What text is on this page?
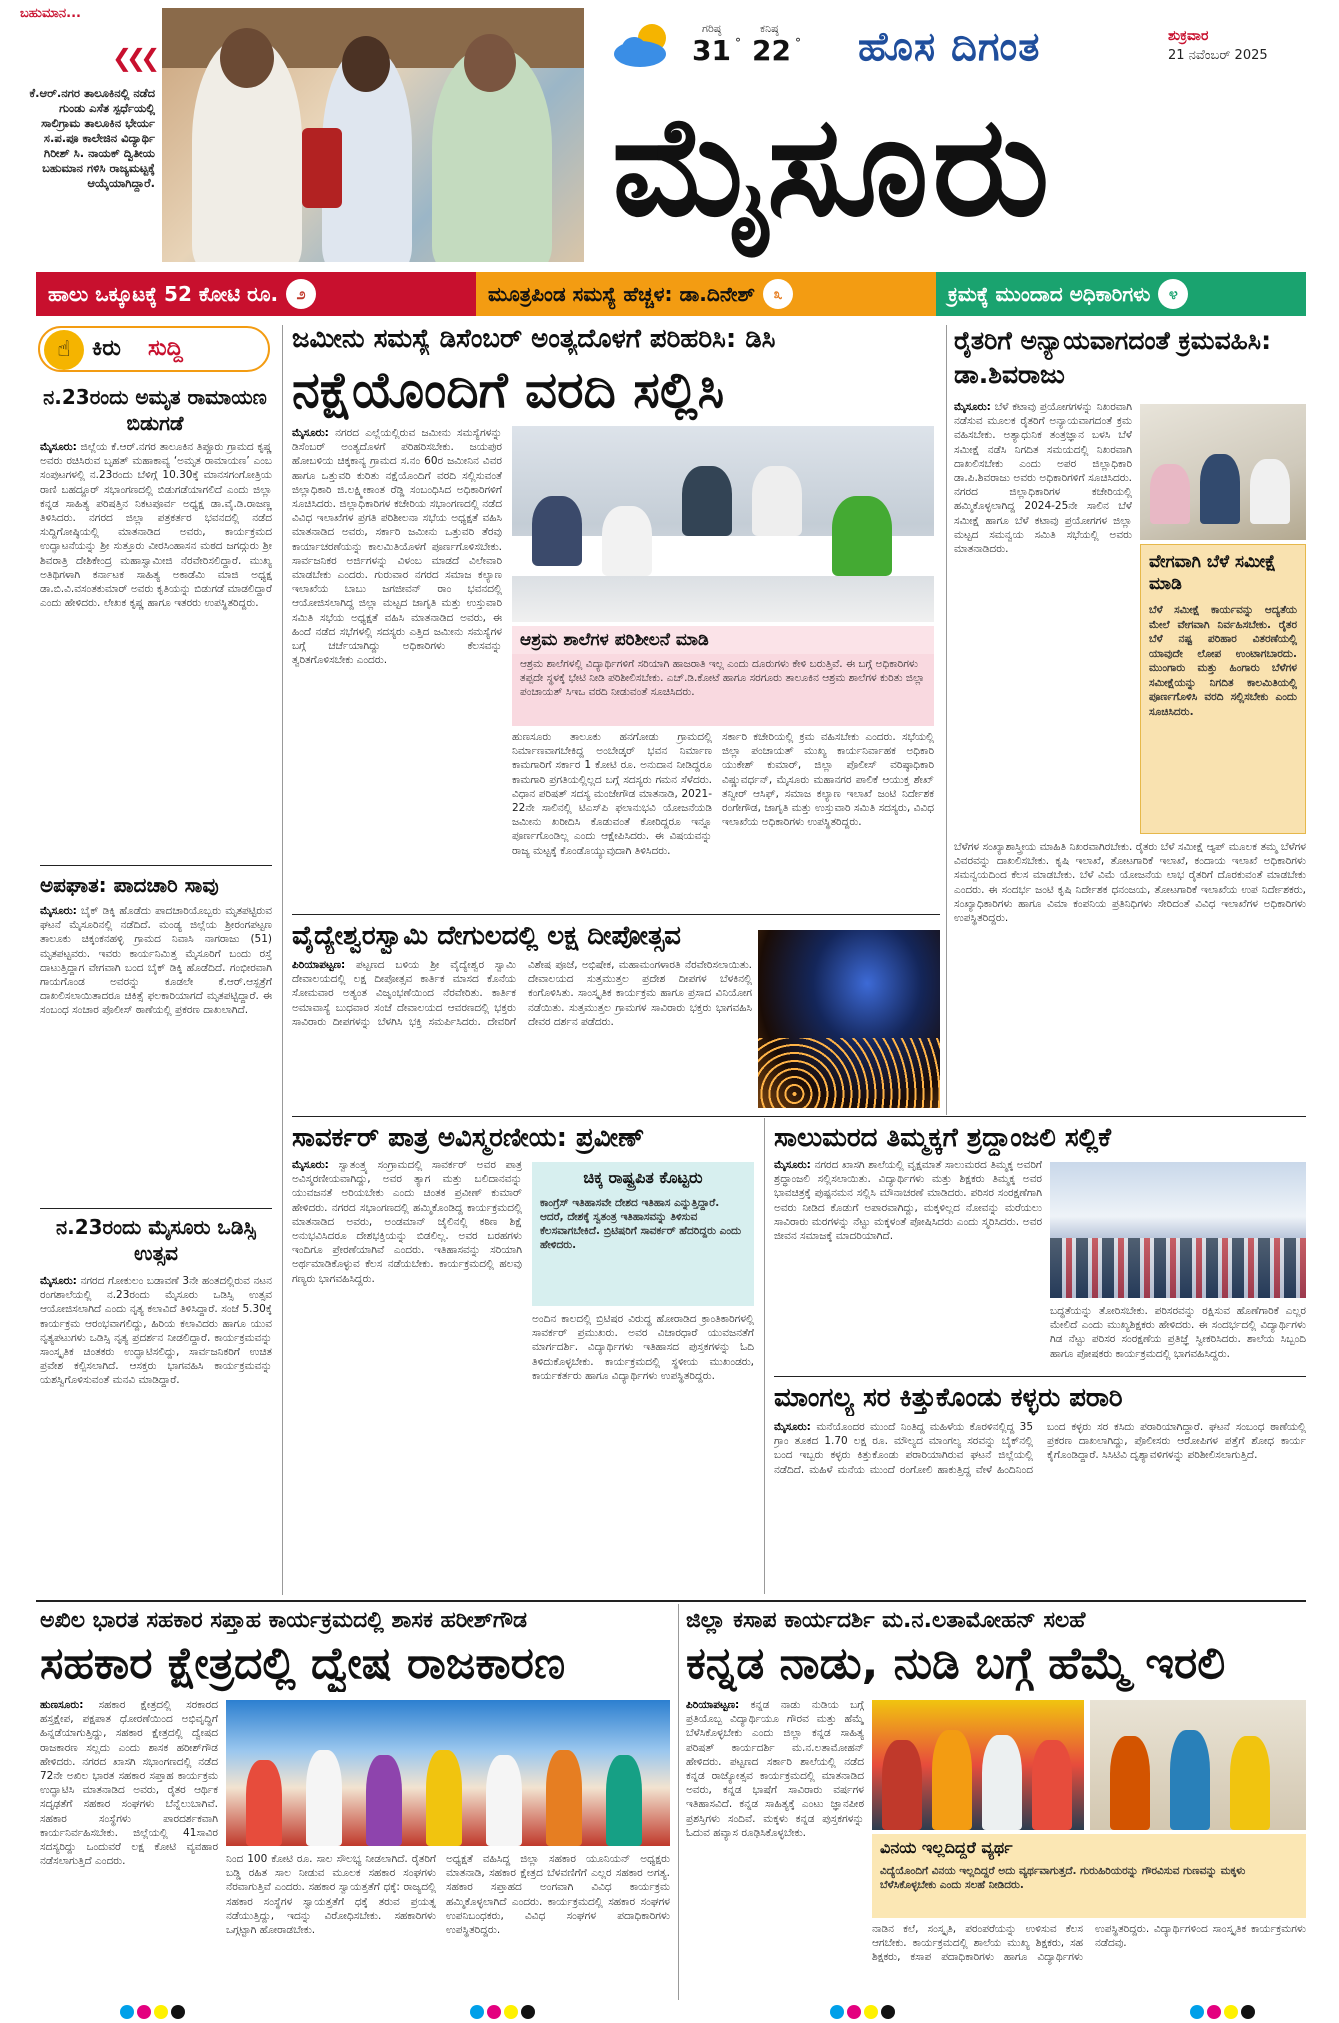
ಬಹುಮಾನ...
❮❮❮
ಕೆ.ಆರ್.ನಗರ ತಾಲೂಕಿನಲ್ಲಿ ನಡೆದ ಗುಂಡು ಎಸೆತ ಸ್ಪರ್ಧೆಯಲ್ಲಿ ಸಾಲಿಗ್ರಾಮ ತಾಲೂಕಿನ ಭೇರ್ಯ ಸ.ಪ.ಪೂ ಕಾಲೇಜಿನ ವಿದ್ಯಾರ್ಥಿ ಗಿರೀಶ್ ಸಿ. ನಾಯಕ್ ದ್ವಿತೀಯ ಬಹುಮಾನ ಗಳಿಸಿ ರಾಜ್ಯಮಟ್ಟಕ್ಕೆ ಆಯ್ಕೆಯಾಗಿದ್ದಾರೆ.
ಗರಿಷ್ಠ
31 °
ಕನಿಷ್ಠ
22 ° ಹೊಸ ದಿಗಂತ	ಶುಕ್ರವಾರ
21 ನವೆಂಬರ್ 2025
ಮೈಸೂರು
ಹಾಲು ಒಕ್ಕೂಟಕ್ಕೆ 52 ಕೋಟಿ ರೂ.	೨	ಮೂತ್ರಪಿಂಡ ಸಮಸ್ಯೆ ಹೆಚ್ಚಳ: ಡಾ.ದಿನೇಶ್	೩	ಕ್ರಮಕ್ಕೆ ಮುಂದಾದ ಅಧಿಕಾರಿಗಳು	೪
☝ ಕಿರು ಸುದ್ದಿ
ನ.23ರಂದು ಅಮೃತ ರಾಮಾಯಣ ಬಿಡುಗಡೆ
ಮೈಸೂರು: ಜಿಲ್ಲೆಯ ಕೆ.ಆರ್.ನಗರ ತಾಲೂಕಿನ ತಿಪ್ಪೂರು ಗ್ರಾಮದ ಕೃಷ್ಣ ಅವರು ರಚಿಸಿರುವ ಬೃಹತ್ ಮಹಾಕಾವ್ಯ ‘ಅಮೃತ ರಾಮಾಯಣ’ ಎಂಬ ಸಂಪುಟಗಳಲ್ಲಿ ನ.23ರಂದು ಬೆಳಿಗ್ಗೆ 10.30ಕ್ಕೆ ಮಾನಸಗಂಗೋತ್ರಿಯ ರಾಣಿ ಬಹದ್ದೂರ್ ಸಭಾಂಗಣದಲ್ಲಿ ಬಿಡುಗಡೆಯಾಗಲಿದೆ ಎಂದು ಜಿಲ್ಲಾ ಕನ್ನಡ ಸಾಹಿತ್ಯ ಪರಿಷತ್ತಿನ ನಿಕಟಪೂರ್ವ ಅಧ್ಯಕ್ಷ ಡಾ.ವೈ.ಡಿ.ರಾಜಣ್ಣ ತಿಳಿಸಿದರು. ನಗರದ ಜಿಲ್ಲಾ ಪತ್ರಕರ್ತರ ಭವನದಲ್ಲಿ ನಡೆದ ಸುದ್ದಿಗೋಷ್ಠಿಯಲ್ಲಿ ಮಾತನಾಡಿದ ಅವರು, ಕಾರ್ಯಕ್ರಮದ ಉದ್ಘಾಟನೆಯನ್ನು ಶ್ರೀ ಸುತ್ತೂರು ವೀರಸಿಂಹಾಸನ ಮಠದ ಜಗದ್ಗುರು ಶ್ರೀ ಶಿವರಾತ್ರಿ ದೇಶಿಕೇಂದ್ರ ಮಹಾಸ್ವಾಮೀಜಿ ನೆರವೇರಿಸಲಿದ್ದಾರೆ. ಮುಖ್ಯ ಅತಿಥಿಗಳಾಗಿ ಕರ್ನಾಟಕ ಸಾಹಿತ್ಯ ಅಕಾಡೆಮಿ ಮಾಜಿ ಅಧ್ಯಕ್ಷ ಡಾ.ಬಿ.ವಿ.ವಸಂತಕುಮಾರ್ ಅವರು ಕೃತಿಯನ್ನು ಬಿಡುಗಡೆ ಮಾಡಲಿದ್ದಾರೆ ಎಂದು ಹೇಳಿದರು. ಲೇಖಕ ಕೃಷ್ಣ ಹಾಗೂ ಇತರರು ಉಪಸ್ಥಿತರಿದ್ದರು.
ಅಪಘಾತ: ಪಾದಚಾರಿ ಸಾವು
ಮೈಸೂರು: ಬೈಕ್ ಡಿಕ್ಕಿ ಹೊಡೆದು ಪಾದಚಾರಿಯೊಬ್ಬರು ಮೃತಪಟ್ಟಿರುವ ಘಟನೆ ಮೈಸೂರಿನಲ್ಲಿ ನಡೆದಿದೆ. ಮಂಡ್ಯ ಜಿಲ್ಲೆಯ ಶ್ರೀರಂಗಪಟ್ಟಣ ತಾಲೂಕು ಚಿಕ್ಕಂಕನಹಳ್ಳಿ ಗ್ರಾಮದ ನಿವಾಸಿ ನಾಗರಾಜು (51) ಮೃತಪಟ್ಟವರು. ಇವರು ಕಾರ್ಯನಿಮಿತ್ತ ಮೈಸೂರಿಗೆ ಬಂದು ರಸ್ತೆ ದಾಟುತ್ತಿದ್ದಾಗ ವೇಗವಾಗಿ ಬಂದ ಬೈಕ್ ಡಿಕ್ಕಿ ಹೊಡೆದಿದೆ. ಗಂಭೀರವಾಗಿ ಗಾಯಗೊಂಡ ಅವರನ್ನು ಕೂಡಲೇ ಕೆ.ಆರ್.ಆಸ್ಪತ್ರೆಗೆ ದಾಖಲಿಸಲಾಯಿತಾದರೂ ಚಿಕಿತ್ಸೆ ಫಲಕಾರಿಯಾಗದೆ ಮೃತಪಟ್ಟಿದ್ದಾರೆ. ಈ ಸಂಬಂಧ ಸಂಚಾರ ಪೊಲೀಸ್ ಠಾಣೆಯಲ್ಲಿ ಪ್ರಕರಣ ದಾಖಲಾಗಿದೆ.
ನ.23ರಂದು ಮೈಸೂರು ಒಡಿಸ್ಸಿ ಉತ್ಸವ
ಮೈಸೂರು: ನಗರದ ಗೋಕುಲಂ ಬಡಾವಣೆ 3ನೇ ಹಂತದಲ್ಲಿರುವ ನಟನ ರಂಗಶಾಲೆಯಲ್ಲಿ ನ.23ರಂದು ಮೈಸೂರು ಒಡಿಸ್ಸಿ ಉತ್ಸವ ಆಯೋಜಿಸಲಾಗಿದೆ ಎಂದು ನೃತ್ಯ ಕಲಾವಿದೆ ತಿಳಿಸಿದ್ದಾರೆ. ಸಂಜೆ 5.30ಕ್ಕೆ ಕಾರ್ಯಕ್ರಮ ಆರಂಭವಾಗಲಿದ್ದು, ಹಿರಿಯ ಕಲಾವಿದರು ಹಾಗೂ ಯುವ ನೃತ್ಯಪಟುಗಳು ಒಡಿಸ್ಸಿ ನೃತ್ಯ ಪ್ರದರ್ಶನ ನೀಡಲಿದ್ದಾರೆ. ಕಾರ್ಯಕ್ರಮವನ್ನು ಸಾಂಸ್ಕೃತಿಕ ಚಿಂತಕರು ಉದ್ಘಾಟಿಸಲಿದ್ದು, ಸಾರ್ವಜನಿಕರಿಗೆ ಉಚಿತ ಪ್ರವೇಶ ಕಲ್ಪಿಸಲಾಗಿದೆ. ಆಸಕ್ತರು ಭಾಗವಹಿಸಿ ಕಾರ್ಯಕ್ರಮವನ್ನು ಯಶಸ್ವಿಗೊಳಿಸುವಂತೆ ಮನವಿ ಮಾಡಿದ್ದಾರೆ.
ಜಮೀನು ಸಮಸ್ಯೆ ಡಿಸೆಂಬರ್ ಅಂತ್ಯದೊಳಗೆ ಪರಿಹರಿಸಿ: ಡಿಸಿ
ನಕ್ಷೆಯೊಂದಿಗೆ ವರದಿ ಸಲ್ಲಿಸಿ
ಮೈಸೂರು: ನಗರದ ಎಲ್ಲೆಯಲ್ಲಿರುವ ಜಮೀನು ಸಮಸ್ಯೆಗಳನ್ನು ಡಿಸೆಂಬರ್ ಅಂತ್ಯದೊಳಗೆ ಪರಿಹರಿಸಬೇಕು. ಜಯಪುರ ಹೋಬಳಿಯ ಚಿಕ್ಕಕಾನ್ಯ ಗ್ರಾಮದ ಸ.ನಂ 60ರ ಜಮೀನಿನ ವಿವರ ಹಾಗೂ ಒತ್ತುವರಿ ಕುರಿತು ನಕ್ಷೆಯೊಂದಿಗೆ ವರದಿ ಸಲ್ಲಿಸುವಂತೆ ಜಿಲ್ಲಾಧಿಕಾರಿ ಜಿ.ಲಕ್ಷ್ಮೀಕಾಂತ ರೆಡ್ಡಿ ಸಂಬಂಧಿಸಿದ ಅಧಿಕಾರಿಗಳಿಗೆ ಸೂಚಿಸಿದರು. ಜಿಲ್ಲಾಧಿಕಾರಿಗಳ ಕಚೇರಿಯ ಸಭಾಂಗಣದಲ್ಲಿ ನಡೆದ ವಿವಿಧ ಇಲಾಖೆಗಳ ಪ್ರಗತಿ ಪರಿಶೀಲನಾ ಸಭೆಯ ಅಧ್ಯಕ್ಷತೆ ವಹಿಸಿ ಮಾತನಾಡಿದ ಅವರು, ಸರ್ಕಾರಿ ಜಮೀನು ಒತ್ತುವರಿ ತೆರವು ಕಾರ್ಯಾಚರಣೆಯನ್ನು ಕಾಲಮಿತಿಯೊಳಗೆ ಪೂರ್ಣಗೊಳಿಸಬೇಕು. ಸಾರ್ವಜನಿಕರ ಅರ್ಜಿಗಳನ್ನು ವಿಳಂಬ ಮಾಡದೆ ವಿಲೇವಾರಿ ಮಾಡಬೇಕು ಎಂದರು. ಗುರುವಾರ ನಗರದ ಸಮಾಜ ಕಲ್ಯಾಣ ಇಲಾಖೆಯ ಬಾಬು ಜಗಜೀವನ್ ರಾಂ ಭವನದಲ್ಲಿ ಆಯೋಜಿಸಲಾಗಿದ್ದ ಜಿಲ್ಲಾ ಮಟ್ಟದ ಜಾಗೃತಿ ಮತ್ತು ಉಸ್ತುವಾರಿ ಸಮಿತಿ ಸಭೆಯ ಅಧ್ಯಕ್ಷತೆ ವಹಿಸಿ ಮಾತನಾಡಿದ ಅವರು, ಈ ಹಿಂದೆ ನಡೆದ ಸಭೆಗಳಲ್ಲಿ ಸದಸ್ಯರು ಎತ್ತಿದ ಜಮೀನು ಸಮಸ್ಯೆಗಳ ಬಗ್ಗೆ ಚರ್ಚೆಯಾಗಿದ್ದು ಅಧಿಕಾರಿಗಳು ಕೆಲಸವನ್ನು ತ್ವರಿತಗೊಳಿಸಬೇಕು ಎಂದರು.
ಆಶ್ರಮ ಶಾಲೆಗಳ ಪರಿಶೀಲನೆ ಮಾಡಿ
ಆಶ್ರಮ ಶಾಲೆಗಳಲ್ಲಿ ವಿದ್ಯಾರ್ಥಿಗಳಿಗೆ ಸರಿಯಾಗಿ ಹಾಜರಾತಿ ಇಲ್ಲ ಎಂದು ದೂರುಗಳು ಕೇಳಿ ಬರುತ್ತಿವೆ. ಈ ಬಗ್ಗೆ ಅಧಿಕಾರಿಗಳು ತಪ್ಪದೇ ಸ್ಥಳಕ್ಕೆ ಭೇಟಿ ನೀಡಿ ಪರಿಶೀಲಿಸಬೇಕು. ಎಚ್.ಡಿ.ಕೋಟೆ ಹಾಗೂ ಸರಗೂರು ತಾಲೂಕಿನ ಆಶ್ರಮ ಶಾಲೆಗಳ ಕುರಿತು ಜಿಲ್ಲಾ ಪಂಚಾಯತ್ ಸಿಇಒ ವರದಿ ನೀಡುವಂತೆ ಸೂಚಿಸಿದರು.
ಹುಣಸೂರು ತಾಲೂಕು ಹನಗೋಡು ಗ್ರಾಮದಲ್ಲಿ ನಿರ್ಮಾಣವಾಗಬೇಕಿದ್ದ ಅಂಬೇಡ್ಕರ್ ಭವನ ನಿರ್ಮಾಣ ಕಾಮಗಾರಿಗೆ ಸರ್ಕಾರ 1 ಕೋಟಿ ರೂ. ಅನುದಾನ ನೀಡಿದ್ದರೂ ಕಾಮಗಾರಿ ಪ್ರಗತಿಯಲ್ಲಿಲ್ಲದ ಬಗ್ಗೆ ಸದಸ್ಯರು ಗಮನ ಸೆಳೆದರು. ವಿಧಾನ ಪರಿಷತ್ ಸದಸ್ಯ ಮಂಜೇಗೌಡ ಮಾತನಾಡಿ, 2021-22ನೇ ಸಾಲಿನಲ್ಲಿ ಟಿಎಸ್‌ಪಿ ಫಲಾನುಭವಿ ಯೋಜನೆಯಡಿ ಜಮೀನು ಖರೀದಿಸಿ ಕೊಡುವಂತೆ ಕೋರಿದ್ದರೂ ಇನ್ನೂ ಪೂರ್ಣಗೊಂಡಿಲ್ಲ ಎಂದು ಆಕ್ಷೇಪಿಸಿದರು. ಈ ವಿಷಯವನ್ನು ರಾಜ್ಯ ಮಟ್ಟಕ್ಕೆ ಕೊಂಡೊಯ್ಯುವುದಾಗಿ ತಿಳಿಸಿದರು.
ಸರ್ಕಾರಿ ಕಚೇರಿಯಲ್ಲಿ ಕ್ರಮ ವಹಿಸಬೇಕು ಎಂದರು. ಸಭೆಯಲ್ಲಿ ಜಿಲ್ಲಾ ಪಂಚಾಯತ್ ಮುಖ್ಯ ಕಾರ್ಯನಿರ್ವಾಹಕ ಅಧಿಕಾರಿ ಯುಕೇಶ್ ಕುಮಾರ್, ಜಿಲ್ಲಾ ಪೊಲೀಸ್ ವರಿಷ್ಠಾಧಿಕಾರಿ ವಿಷ್ಣುವರ್ಧನ್, ಮೈಸೂರು ಮಹಾನಗರ ಪಾಲಿಕೆ ಆಯುಕ್ತ ಶೇಖ್ ತನ್ವೀರ್ ಆಸಿಫ್, ಸಮಾಜ ಕಲ್ಯಾಣ ಇಲಾಖೆ ಜಂಟಿ ನಿರ್ದೇಶಕ ರಂಗೇಗೌಡ, ಜಾಗೃತಿ ಮತ್ತು ಉಸ್ತುವಾರಿ ಸಮಿತಿ ಸದಸ್ಯರು, ವಿವಿಧ ಇಲಾಖೆಯ ಅಧಿಕಾರಿಗಳು ಉಪಸ್ಥಿತರಿದ್ದರು.
ರೈತರಿಗೆ ಅನ್ಯಾಯವಾಗದಂತೆ ಕ್ರಮವಹಿಸಿ: ಡಾ.ಶಿವರಾಜು
ಮೈಸೂರು: ಬೆಳೆ ಕಟಾವು ಪ್ರಯೋಗಗಳನ್ನು ನಿಖರವಾಗಿ ನಡೆಸುವ ಮೂಲಕ ರೈತರಿಗೆ ಅನ್ಯಾಯವಾಗದಂತೆ ಕ್ರಮ ವಹಿಸಬೇಕು. ಅತ್ಯಾಧುನಿಕ ತಂತ್ರಜ್ಞಾನ ಬಳಸಿ ಬೆಳೆ ಸಮೀಕ್ಷೆ ನಡೆಸಿ ನಿಗದಿತ ಸಮಯದಲ್ಲಿ ನಿಖರವಾಗಿ ದಾಖಲಿಸಬೇಕು ಎಂದು ಅಪರ ಜಿಲ್ಲಾಧಿಕಾರಿ ಡಾ.ಪಿ.ಶಿವರಾಜು ಅವರು ಅಧಿಕಾರಿಗಳಿಗೆ ಸೂಚಿಸಿದರು. ನಗರದ ಜಿಲ್ಲಾಧಿಕಾರಿಗಳ ಕಚೇರಿಯಲ್ಲಿ ಹಮ್ಮಿಕೊಳ್ಳಲಾಗಿದ್ದ 2024-25ನೇ ಸಾಲಿನ ಬೆಳೆ ಸಮೀಕ್ಷೆ ಹಾಗೂ ಬೆಳೆ ಕಟಾವು ಪ್ರಯೋಗಗಳ ಜಿಲ್ಲಾ ಮಟ್ಟದ ಸಮನ್ವಯ ಸಮಿತಿ ಸಭೆಯಲ್ಲಿ ಅವರು ಮಾತನಾಡಿದರು.
ವೇಗವಾಗಿ ಬೆಳೆ ಸಮೀಕ್ಷೆ ಮಾಡಿ
ಬೆಳೆ ಸಮೀಕ್ಷೆ ಕಾರ್ಯವನ್ನು ಆದ್ಯತೆಯ ಮೇಲೆ ವೇಗವಾಗಿ ನಿರ್ವಹಿಸಬೇಕು. ರೈತರ ಬೆಳೆ ನಷ್ಟ ಪರಿಹಾರ ವಿತರಣೆಯಲ್ಲಿ ಯಾವುದೇ ಲೋಪ ಉಂಟಾಗಬಾರದು. ಮುಂಗಾರು ಮತ್ತು ಹಿಂಗಾರು ಬೆಳೆಗಳ ಸಮೀಕ್ಷೆಯನ್ನು ನಿಗದಿತ ಕಾಲಮಿತಿಯಲ್ಲಿ ಪೂರ್ಣಗೊಳಿಸಿ ವರದಿ ಸಲ್ಲಿಸಬೇಕು ಎಂದು ಸೂಚಿಸಿದರು.
ಬೆಳೆಗಳ ಸಂಖ್ಯಾಶಾಸ್ತ್ರೀಯ ಮಾಹಿತಿ ನಿಖರವಾಗಿರಬೇಕು. ರೈತರು ಬೆಳೆ ಸಮೀಕ್ಷೆ ಆ್ಯಪ್ ಮೂಲಕ ತಮ್ಮ ಬೆಳೆಗಳ ವಿವರವನ್ನು ದಾಖಲಿಸಬೇಕು. ಕೃಷಿ ಇಲಾಖೆ, ತೋಟಗಾರಿಕೆ ಇಲಾಖೆ, ಕಂದಾಯ ಇಲಾಖೆ ಅಧಿಕಾರಿಗಳು ಸಮನ್ವಯದಿಂದ ಕೆಲಸ ಮಾಡಬೇಕು. ಬೆಳೆ ವಿಮೆ ಯೋಜನೆಯ ಲಾಭ ರೈತರಿಗೆ ದೊರಕುವಂತೆ ಮಾಡಬೇಕು ಎಂದರು. ಈ ಸಂದರ್ಭ ಜಂಟಿ ಕೃಷಿ ನಿರ್ದೇಶಕ ಧನಂಜಯ, ತೋಟಗಾರಿಕೆ ಇಲಾಖೆಯ ಉಪ ನಿರ್ದೇಶಕರು, ಸಂಖ್ಯಾಧಿಕಾರಿಗಳು ಹಾಗೂ ವಿಮಾ ಕಂಪನಿಯ ಪ್ರತಿನಿಧಿಗಳು ಸೇರಿದಂತೆ ವಿವಿಧ ಇಲಾಖೆಗಳ ಅಧಿಕಾರಿಗಳು ಉಪಸ್ಥಿತರಿದ್ದರು.
ವೈದ್ಯೇಶ್ವರಸ್ವಾಮಿ ದೇಗುಲದಲ್ಲಿ ಲಕ್ಷ ದೀಪೋತ್ಸವ
ಪಿರಿಯಾಪಟ್ಟಣ: ಪಟ್ಟಣದ ಬಳಿಯ ಶ್ರೀ ವೈದ್ಯೇಶ್ವರ ಸ್ವಾಮಿ ದೇವಾಲಯದಲ್ಲಿ ಲಕ್ಷ ದೀಪೋತ್ಸವ ಕಾರ್ತಿಕ ಮಾಸದ ಕೊನೆಯ ಸೋಮವಾರ ಅತ್ಯಂತ ವಿಜೃಂಭಣೆಯಿಂದ ನೆರವೇರಿತು. ಕಾರ್ತಿಕ ಅಮಾವಾಸ್ಯೆ ಬುಧವಾರ ಸಂಜೆ ದೇವಾಲಯದ ಆವರಣದಲ್ಲಿ ಭಕ್ತರು ಸಾವಿರಾರು ದೀಪಗಳನ್ನು ಬೆಳಗಿಸಿ ಭಕ್ತಿ ಸಮರ್ಪಿಸಿದರು. ದೇವರಿಗೆ ವಿಶೇಷ ಪೂಜೆ, ಅಭಿಷೇಕ, ಮಹಾಮಂಗಳಾರತಿ ನೆರವೇರಿಸಲಾಯಿತು. ದೇವಾಲಯದ ಸುತ್ತಮುತ್ತಲ ಪ್ರದೇಶ ದೀಪಗಳ ಬೆಳಕಿನಲ್ಲಿ ಕಂಗೊಳಿಸಿತು. ಸಾಂಸ್ಕೃತಿಕ ಕಾರ್ಯಕ್ರಮ ಹಾಗೂ ಪ್ರಸಾದ ವಿನಿಯೋಗ ನಡೆಯಿತು. ಸುತ್ತಮುತ್ತಲ ಗ್ರಾಮಗಳ ಸಾವಿರಾರು ಭಕ್ತರು ಭಾಗವಹಿಸಿ ದೇವರ ದರ್ಶನ ಪಡೆದರು.
ಸಾವರ್ಕರ್ ಪಾತ್ರ ಅವಿಸ್ಮರಣೀಯ: ಪ್ರವೀಣ್
ಮೈಸೂರು: ಸ್ವಾತಂತ್ರ್ಯ ಸಂಗ್ರಾಮದಲ್ಲಿ ಸಾವರ್ಕರ್ ಅವರ ಪಾತ್ರ ಅವಿಸ್ಮರಣೀಯವಾಗಿದ್ದು, ಅವರ ತ್ಯಾಗ ಮತ್ತು ಬಲಿದಾನವನ್ನು ಯುವಜನತೆ ಅರಿಯಬೇಕು ಎಂದು ಚಿಂತಕ ಪ್ರವೀಣ್ ಕುಮಾರ್ ಹೇಳಿದರು. ನಗರದ ಸಭಾಂಗಣದಲ್ಲಿ ಹಮ್ಮಿಕೊಂಡಿದ್ದ ಕಾರ್ಯಕ್ರಮದಲ್ಲಿ ಮಾತನಾಡಿದ ಅವರು, ಅಂಡಮಾನ್ ಜೈಲಿನಲ್ಲಿ ಕಠಿಣ ಶಿಕ್ಷೆ ಅನುಭವಿಸಿದರೂ ದೇಶಭಕ್ತಿಯನ್ನು ಬಿಡಲಿಲ್ಲ. ಅವರ ಬರಹಗಳು ಇಂದಿಗೂ ಪ್ರೇರಣೆಯಾಗಿವೆ ಎಂದರು. ಇತಿಹಾಸವನ್ನು ಸರಿಯಾಗಿ ಅರ್ಥಮಾಡಿಕೊಳ್ಳುವ ಕೆಲಸ ನಡೆಯಬೇಕು. ಕಾರ್ಯಕ್ರಮದಲ್ಲಿ ಹಲವು ಗಣ್ಯರು ಭಾಗವಹಿಸಿದ್ದರು.
ಚಿಕ್ಕ ರಾಷ್ಟ್ರಪಿತ ಕೊಟ್ಟರು
ಕಾಂಗ್ರೆಸ್ ಇತಿಹಾಸವೇ ದೇಶದ ಇತಿಹಾಸ ಎನ್ನುತ್ತಿದ್ದಾರೆ. ಆದರೆ, ದೇಶಕ್ಕೆ ಸ್ವತಂತ್ರ ಇತಿಹಾಸವನ್ನು ತಿಳಿಸುವ ಕೆಲಸವಾಗಬೇಕಿದೆ. ಬ್ರಿಟಿಷರಿಗೆ ಸಾವರ್ಕರ್ ಹೆದರಿದ್ದರು ಎಂದು ಹೇಳಿದರು.
ಅಂದಿನ ಕಾಲದಲ್ಲಿ ಬ್ರಿಟಿಷರ ವಿರುದ್ಧ ಹೋರಾಡಿದ ಕ್ರಾಂತಿಕಾರಿಗಳಲ್ಲಿ ಸಾವರ್ಕರ್ ಪ್ರಮುಖರು. ಅವರ ವಿಚಾರಧಾರೆ ಯುವಜನತೆಗೆ ಮಾರ್ಗದರ್ಶಿ. ವಿದ್ಯಾರ್ಥಿಗಳು ಇತಿಹಾಸದ ಪುಸ್ತಕಗಳನ್ನು ಓದಿ ತಿಳಿದುಕೊಳ್ಳಬೇಕು. ಕಾರ್ಯಕ್ರಮದಲ್ಲಿ ಸ್ಥಳೀಯ ಮುಖಂಡರು, ಕಾರ್ಯಕರ್ತರು ಹಾಗೂ ವಿದ್ಯಾರ್ಥಿಗಳು ಉಪಸ್ಥಿತರಿದ್ದರು.
ಸಾಲುಮರದ ತಿಮ್ಮಕ್ಕಗೆ ಶ್ರದ್ಧಾಂಜಲಿ ಸಲ್ಲಿಕೆ
ಮೈಸೂರು: ನಗರದ ಖಾಸಗಿ ಶಾಲೆಯಲ್ಲಿ ವೃಕ್ಷಮಾತೆ ಸಾಲುಮರದ ತಿಮ್ಮಕ್ಕ ಅವರಿಗೆ ಶ್ರದ್ಧಾಂಜಲಿ ಸಲ್ಲಿಸಲಾಯಿತು. ವಿದ್ಯಾರ್ಥಿಗಳು ಮತ್ತು ಶಿಕ್ಷಕರು ತಿಮ್ಮಕ್ಕ ಅವರ ಭಾವಚಿತ್ರಕ್ಕೆ ಪುಷ್ಪನಮನ ಸಲ್ಲಿಸಿ ಮೌನಾಚರಣೆ ಮಾಡಿದರು. ಪರಿಸರ ಸಂರಕ್ಷಣೆಗಾಗಿ ಅವರು ನೀಡಿದ ಕೊಡುಗೆ ಅಪಾರವಾಗಿದ್ದು, ಮಕ್ಕಳಿಲ್ಲದ ನೋವನ್ನು ಮರೆಯಲು ಸಾವಿರಾರು ಮರಗಳನ್ನು ನೆಟ್ಟು ಮಕ್ಕಳಂತೆ ಪೋಷಿಸಿದರು ಎಂದು ಸ್ಮರಿಸಿದರು. ಅವರ ಜೀವನ ಸಮಾಜಕ್ಕೆ ಮಾದರಿಯಾಗಿದೆ.
ಬದ್ಧತೆಯನ್ನು ತೋರಿಸಬೇಕು. ಪರಿಸರವನ್ನು ರಕ್ಷಿಸುವ ಹೊಣೆಗಾರಿಕೆ ಎಲ್ಲರ ಮೇಲಿದೆ ಎಂದು ಮುಖ್ಯಶಿಕ್ಷಕರು ಹೇಳಿದರು. ಈ ಸಂದರ್ಭದಲ್ಲಿ ವಿದ್ಯಾರ್ಥಿಗಳು ಗಿಡ ನೆಟ್ಟು ಪರಿಸರ ಸಂರಕ್ಷಣೆಯ ಪ್ರತಿಜ್ಞೆ ಸ್ವೀಕರಿಸಿದರು. ಶಾಲೆಯ ಸಿಬ್ಬಂದಿ ಹಾಗೂ ಪೋಷಕರು ಕಾರ್ಯಕ್ರಮದಲ್ಲಿ ಭಾಗವಹಿಸಿದ್ದರು.
ಮಾಂಗಲ್ಯ ಸರ ಕಿತ್ತುಕೊಂಡು ಕಳ್ಳರು ಪರಾರಿ
ಮೈಸೂರು: ಮನೆಯೊಂದರ ಮುಂದೆ ನಿಂತಿದ್ದ ಮಹಿಳೆಯ ಕೊರಳಿನಲ್ಲಿದ್ದ 35 ಗ್ರಾಂ ತೂಕದ 1.70 ಲಕ್ಷ ರೂ. ಮೌಲ್ಯದ ಮಾಂಗಲ್ಯ ಸರವನ್ನು ಬೈಕ್‌ನಲ್ಲಿ ಬಂದ ಇಬ್ಬರು ಕಳ್ಳರು ಕಿತ್ತುಕೊಂಡು ಪರಾರಿಯಾಗಿರುವ ಘಟನೆ ಜಿಲ್ಲೆಯಲ್ಲಿ ನಡೆದಿದೆ. ಮಹಿಳೆ ಮನೆಯ ಮುಂದೆ ರಂಗೋಲಿ ಹಾಕುತ್ತಿದ್ದ ವೇಳೆ ಹಿಂದಿನಿಂದ ಬಂದ ಕಳ್ಳರು ಸರ ಕಸಿದು ಪರಾರಿಯಾಗಿದ್ದಾರೆ. ಘಟನೆ ಸಂಬಂಧ ಠಾಣೆಯಲ್ಲಿ ಪ್ರಕರಣ ದಾಖಲಾಗಿದ್ದು, ಪೊಲೀಸರು ಆರೋಪಿಗಳ ಪತ್ತೆಗೆ ಶೋಧ ಕಾರ್ಯ ಕೈಗೊಂಡಿದ್ದಾರೆ. ಸಿಸಿಟಿವಿ ದೃಶ್ಯಾವಳಿಗಳನ್ನು ಪರಿಶೀಲಿಸಲಾಗುತ್ತಿದೆ.
ಅಖಿಲ ಭಾರತ ಸಹಕಾರ ಸಪ್ತಾಹ ಕಾರ್ಯಕ್ರಮದಲ್ಲಿ ಶಾಸಕ ಹರೀಶ್‌ಗೌಡ
ಸಹಕಾರ ಕ್ಷೇತ್ರದಲ್ಲಿ ದ್ವೇಷ ರಾಜಕಾರಣ
ಹುಣಸೂರು: ಸಹಕಾರ ಕ್ಷೇತ್ರದಲ್ಲಿ ಸರಕಾರದ ಹಸ್ತಕ್ಷೇಪ, ಪಕ್ಷಪಾತ ಧೋರಣೆಯಿಂದ ಅಭಿವೃದ್ಧಿಗೆ ಹಿನ್ನಡೆಯಾಗುತ್ತಿದ್ದು, ಸಹಕಾರ ಕ್ಷೇತ್ರದಲ್ಲಿ ದ್ವೇಷದ ರಾಜಕಾರಣ ಸಲ್ಲದು ಎಂದು ಶಾಸಕ ಹರೀಶ್‌ಗೌಡ ಹೇಳಿದರು. ನಗರದ ಖಾಸಗಿ ಸಭಾಂಗಣದಲ್ಲಿ ನಡೆದ 72ನೇ ಅಖಿಲ ಭಾರತ ಸಹಕಾರ ಸಪ್ತಾಹ ಕಾರ್ಯಕ್ರಮ ಉದ್ಘಾಟಿಸಿ ಮಾತನಾಡಿದ ಅವರು, ರೈತರ ಆರ್ಥಿಕ ಸದೃಢತೆಗೆ ಸಹಕಾರ ಸಂಘಗಳು ಬೆನ್ನೆಲುಬಾಗಿವೆ. ಸಹಕಾರ ಸಂಸ್ಥೆಗಳು ಪಾರದರ್ಶಕವಾಗಿ ಕಾರ್ಯನಿರ್ವಹಿಸಬೇಕು. ಜಿಲ್ಲೆಯಲ್ಲಿ 41ಸಾವಿರ ಸದಸ್ಯರಿದ್ದು ಒಂದುವರೆ ಲಕ್ಷ ಕೋಟಿ ವ್ಯವಹಾರ ನಡೆಸಲಾಗುತ್ತಿದೆ ಎಂದರು.	ನಿಂದ 100 ಕೋಟಿ ರೂ. ಸಾಲ ಸೌಲಭ್ಯ ನೀಡಲಾಗಿದೆ. ರೈತರಿಗೆ ಬಡ್ಡಿ ರಹಿತ ಸಾಲ ನೀಡುವ ಮೂಲಕ ಸಹಕಾರ ಸಂಘಗಳು ನೆರವಾಗುತ್ತಿವೆ ಎಂದರು. ಸಹಕಾರ ಸ್ವಾಯತ್ತತೆಗೆ ಧಕ್ಕೆ: ರಾಜ್ಯದಲ್ಲಿ ಸಹಕಾರ ಸಂಸ್ಥೆಗಳ ಸ್ವಾಯತ್ತತೆಗೆ ಧಕ್ಕೆ ತರುವ ಪ್ರಯತ್ನ ನಡೆಯುತ್ತಿದ್ದು, ಇದನ್ನು ವಿರೋಧಿಸಬೇಕು. ಸಹಕಾರಿಗಳು ಒಗ್ಗಟ್ಟಾಗಿ ಹೋರಾಡಬೇಕು.
ಅಧ್ಯಕ್ಷತೆ ವಹಿಸಿದ್ದ ಜಿಲ್ಲಾ ಸಹಕಾರ ಯೂನಿಯನ್ ಅಧ್ಯಕ್ಷರು ಮಾತನಾಡಿ, ಸಹಕಾರ ಕ್ಷೇತ್ರದ ಬೆಳವಣಿಗೆಗೆ ಎಲ್ಲರ ಸಹಕಾರ ಅಗತ್ಯ. ಸಹಕಾರ ಸಪ್ತಾಹದ ಅಂಗವಾಗಿ ವಿವಿಧ ಕಾರ್ಯಕ್ರಮ ಹಮ್ಮಿಕೊಳ್ಳಲಾಗಿದೆ ಎಂದರು. ಕಾರ್ಯಕ್ರಮದಲ್ಲಿ ಸಹಕಾರ ಸಂಘಗಳ ಉಪನಿಬಂಧಕರು, ವಿವಿಧ ಸಂಘಗಳ ಪದಾಧಿಕಾರಿಗಳು ಉಪಸ್ಥಿತರಿದ್ದರು.
ಜಿಲ್ಲಾ ಕಸಾಪ ಕಾರ್ಯದರ್ಶಿ ಮ.ನ.ಲತಾಮೋಹನ್ ಸಲಹೆ
ಕನ್ನಡ ನಾಡು, ನುಡಿ ಬಗ್ಗೆ ಹೆಮ್ಮೆ ಇರಲಿ
ಪಿರಿಯಾಪಟ್ಟಣ: ಕನ್ನಡ ನಾಡು ನುಡಿಯ ಬಗ್ಗೆ ಪ್ರತಿಯೊಬ್ಬ ವಿದ್ಯಾರ್ಥಿಯೂ ಗೌರವ ಮತ್ತು ಹೆಮ್ಮೆ ಬೆಳೆಸಿಕೊಳ್ಳಬೇಕು ಎಂದು ಜಿಲ್ಲಾ ಕನ್ನಡ ಸಾಹಿತ್ಯ ಪರಿಷತ್ ಕಾರ್ಯದರ್ಶಿ ಮ.ನ.ಲತಾಮೋಹನ್ ಹೇಳಿದರು. ಪಟ್ಟಣದ ಸರ್ಕಾರಿ ಶಾಲೆಯಲ್ಲಿ ನಡೆದ ಕನ್ನಡ ರಾಜ್ಯೋತ್ಸವ ಕಾರ್ಯಕ್ರಮದಲ್ಲಿ ಮಾತನಾಡಿದ ಅವರು, ಕನ್ನಡ ಭಾಷೆಗೆ ಸಾವಿರಾರು ವರ್ಷಗಳ ಇತಿಹಾಸವಿದೆ. ಕನ್ನಡ ಸಾಹಿತ್ಯಕ್ಕೆ ಎಂಟು ಜ್ಞಾನಪೀಠ ಪ್ರಶಸ್ತಿಗಳು ಸಂದಿವೆ. ಮಕ್ಕಳು ಕನ್ನಡ ಪುಸ್ತಕಗಳನ್ನು ಓದುವ ಹವ್ಯಾಸ ರೂಢಿಸಿಕೊಳ್ಳಬೇಕು.
ವಿನಯ ಇಲ್ಲದಿದ್ದರೆ ವ್ಯರ್ಥ
ವಿದ್ಯೆಯೊಂದಿಗೆ ವಿನಯ ಇಲ್ಲದಿದ್ದರೆ ಅದು ವ್ಯರ್ಥವಾಗುತ್ತದೆ. ಗುರುಹಿರಿಯರನ್ನು ಗೌರವಿಸುವ ಗುಣವನ್ನು ಮಕ್ಕಳು ಬೆಳೆಸಿಕೊಳ್ಳಬೇಕು ಎಂದು ಸಲಹೆ ನೀಡಿದರು.
ನಾಡಿನ ಕಲೆ, ಸಂಸ್ಕೃತಿ, ಪರಂಪರೆಯನ್ನು ಉಳಿಸುವ ಕೆಲಸ ಆಗಬೇಕು. ಕಾರ್ಯಕ್ರಮದಲ್ಲಿ ಶಾಲೆಯ ಮುಖ್ಯ ಶಿಕ್ಷಕರು, ಸಹ ಶಿಕ್ಷಕರು, ಕಸಾಪ ಪದಾಧಿಕಾರಿಗಳು ಹಾಗೂ ವಿದ್ಯಾರ್ಥಿಗಳು ಉಪಸ್ಥಿತರಿದ್ದರು. ವಿದ್ಯಾರ್ಥಿಗಳಿಂದ ಸಾಂಸ್ಕೃತಿಕ ಕಾರ್ಯಕ್ರಮಗಳು ನಡೆದವು.
